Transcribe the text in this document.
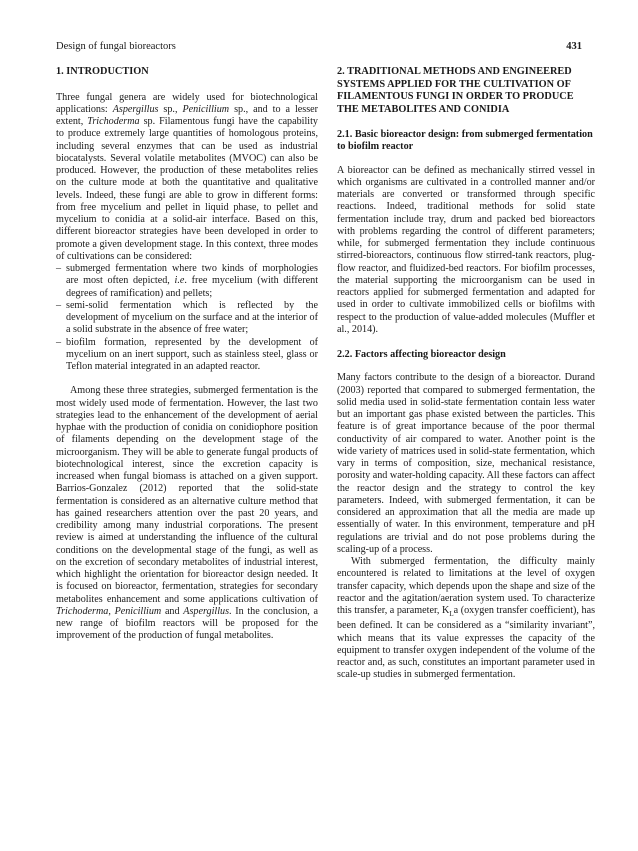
Design of fungal bioreactors	431
1. INTRODUCTION

Three fungal genera are widely used for biotechnological applications: Aspergillus sp., Penicillium sp., and to a lesser extent, Trichoderma sp. Filamentous fungi have the capability to produce extremely large quantities of homologous proteins, including several enzymes that can be used as industrial biocatalysts. Several volatile metabolites (MVOC) can also be produced. However, the production of these metabolites relies on the culture mode at both the quantitative and qualitative levels. Indeed, these fungi are able to grow in different forms: from free mycelium and pellet in liquid phase, to pellet and mycelium to conidia at a solid-air interface. Based on this, different bioreactor strategies have been developed in order to promote a given development stage. In this context, three modes of cultivations can be considered:

– submerged fermentation where two kinds of morphologies are most often depicted, i.e. free mycelium (with different degrees of ramification) and pellets;
– semi-solid fermentation which is reflected by the development of mycelium on the surface and at the interior of a solid substrate in the absence of free water;
– biofilm formation, represented by the development of mycelium on an inert support, such as stainless steel, glass or Teflon material integrated in an adapted reactor.

Among these three strategies, submerged fermentation is the most widely used mode of fermentation. However, the last two strategies lead to the enhancement of the development of aerial hyphae with the production of conidia on conidiophore position of filaments depending on the development stage of the microorganism. They will be able to generate fungal products of biotechnological interest, since the excretion capacity is increased when fungal biomass is attached on a given support. Barrios-Gonzalez (2012) reported that the solid-state fermentation is considered as an alternative culture method that has gained researchers attention over the past 20 years, and credibility among many industrial corporations. The present review is aimed at understanding the influence of the cultural conditions on the developmental stage of the fungi, as well as on the excretion of secondary metabolites of industrial interest, which highlight the orientation for bioreactor design needed. It is focused on bioreactor, fermentation, strategies for secondary metabolites enhancement and some applications cultivation of Trichoderma, Penicillium and Aspergillus. In the conclusion, a new range of biofilm reactors will be proposed for the improvement of the production of fungal metabolites.

2. TRADITIONAL METHODS AND ENGINEERED SYSTEMS APPLIED FOR THE CULTIVATION OF FILAMENTOUS FUNGI IN ORDER TO PRODUCE THE METABOLITES AND CONIDIA
2.1. Basic bioreactor design: from submerged fermentation to biofilm reactor

A bioreactor can be defined as mechanically stirred vessel in which organisms are cultivated in a controlled manner and/or materials are converted or transformed through specific reactions. Indeed, traditional methods for solid state fermentation include tray, drum and packed bed bioreactors with problems regarding the control of different parameters; while, for submerged fermentation they include continuous stirred-bioreactors, continuous flow stirred-tank reactors, plug-flow reactor, and fluidized-bed reactors. For biofilm processes, the material supporting the microorganism can be used in reactors applied for submerged fermentation and adapted for used in order to cultivate immobilized cells or biofilms with respect to the production of value-added molecules (Muffler et al., 2014).

2.2. Factors affecting bioreactor design

Many factors contribute to the design of a bioreactor. Durand (2003) reported that compared to submerged fermentation, the solid media used in solid-state fermentation contain less water but an important gas phase existed between the particles. This feature is of great importance because of the poor thermal conductivity of air compared to water. Another point is the wide variety of matrices used in solid-state fermentation, which vary in terms of composition, size, mechanical resistance, porosity and water-holding capacity. All these factors can affect the reactor design and the strategy to control the key parameters. Indeed, with submerged fermentation, it can be considered an approximation that all the media are made up essentially of water. In this environment, temperature and pH regulations are trivial and do not pose problems during the scaling-up of a process.

With submerged fermentation, the difficulty mainly encountered is related to limitations at the level of oxygen transfer capacity, which depends upon the shape and size of the reactor and the agitation/aeration system used. To characterize this transfer, a parameter, $K_La$ (oxygen transfer coefficient), has been defined. It can be considered as a “similarity invariant”, which means that its value expresses the capacity of the equipment to transfer oxygen independent of the volume of the reactor and, as such, constitutes an important parameter used in scale-up studies in submerged fermentation.
